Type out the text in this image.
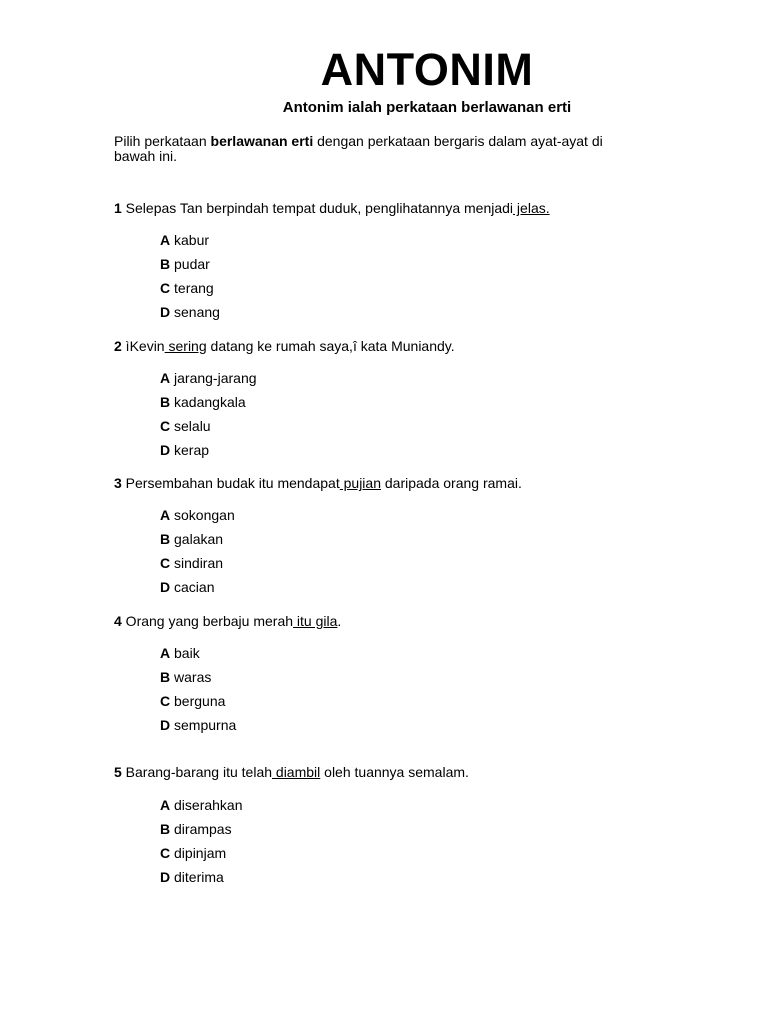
ANTONIM
Antonim ialah perkataan berlawanan erti
Pilih perkataan berlawanan erti dengan perkataan bergaris dalam ayat-ayat di bawah ini.
1 Selepas Tan berpindah tempat duduk, penglihatannya menjadi jelas.
A kabur
B pudar
C terang
D senang
2 ìKevin sering datang ke rumah saya,î kata Muniandy.
A jarang-jarang
B kadangkala
C selalu
D kerap
3 Persembahan budak itu mendapat pujian daripada orang ramai.
A sokongan
B galakan
C sindiran
D cacian
4 Orang yang berbaju merah itu gila.
A baik
B waras
C berguna
D sempurna
5 Barang-barang itu telah diambil oleh tuannya semalam.
A diserahkan
B dirampas
C dipinjam
D diterima
